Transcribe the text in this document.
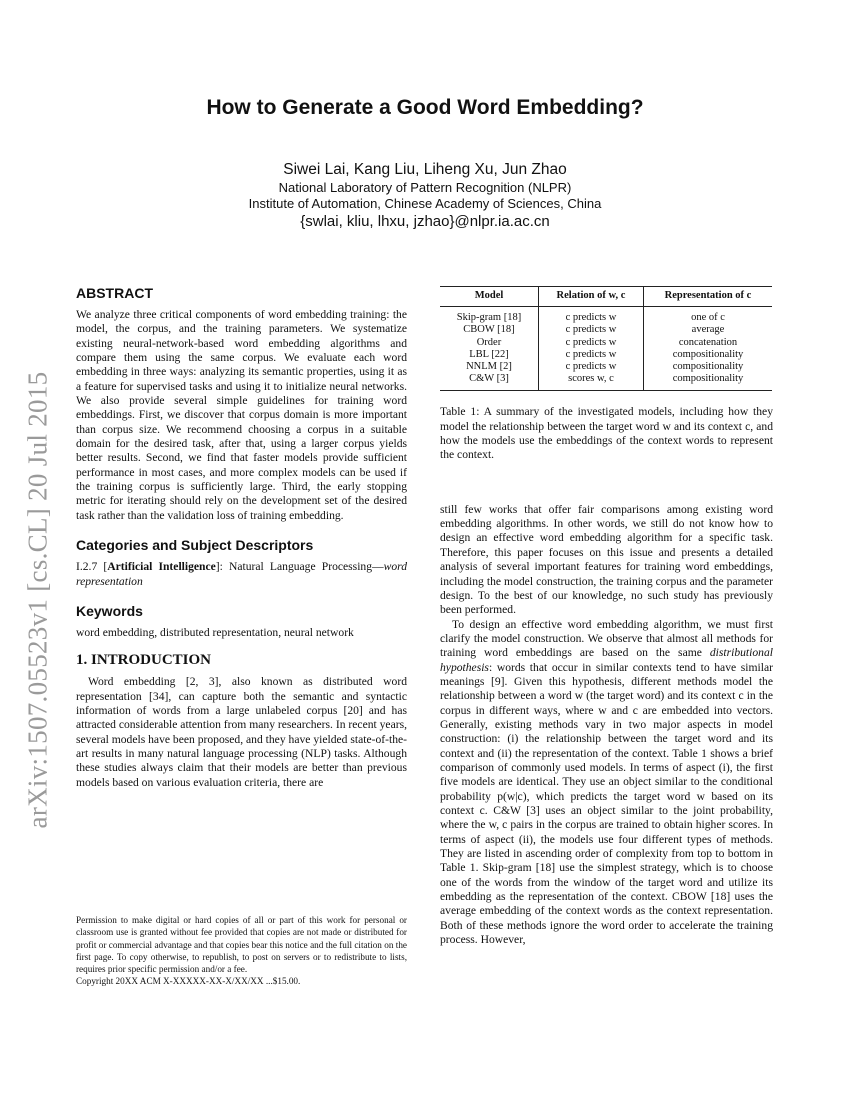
arXiv:1507.05523v1 [cs.CL] 20 Jul 2015
How to Generate a Good Word Embedding?
Siwei Lai, Kang Liu, Liheng Xu, Jun Zhao
National Laboratory of Pattern Recognition (NLPR)
Institute of Automation, Chinese Academy of Sciences, China
{swlai, kliu, lhxu, jzhao}@nlpr.ia.ac.cn
ABSTRACT

We analyze three critical components of word embedding training: the model, the corpus, and the training parameters. We systematize existing neural-network-based word embedding algorithms and compare them using the same corpus. We evaluate each word embedding in three ways: analyzing its semantic properties, using it as a feature for supervised tasks and using it to initialize neural networks. We also provide several simple guidelines for training word embeddings. First, we discover that corpus domain is more important than corpus size. We recommend choosing a corpus in a suitable domain for the desired task, after that, using a larger corpus yields better results. Second, we find that faster models provide sufficient performance in most cases, and more complex models can be used if the training corpus is sufficiently large. Third, the early stopping metric for iterating should rely on the development set of the desired task rather than the validation loss of training embedding.

Categories and Subject Descriptors

I.2.7 [Artificial Intelligence]: Natural Language Processing—word representation

Keywords

word embedding, distributed representation, neural network

1. INTRODUCTION

Word embedding [2, 3], also known as distributed word representation [34], can capture both the semantic and syntactic information of words from a large unlabeled corpus [20] and has attracted considerable attention from many researchers. In recent years, several models have been proposed, and they have yielded state-of-the-art results in many natural language processing (NLP) tasks. Although these studies always claim that their models are better than previous models based on various evaluation criteria, there are

Permission to make digital or hard copies of all or part of this work for personal or classroom use is granted without fee provided that copies are not made or distributed for profit or commercial advantage and that copies bear this notice and the full citation on the first page. To copy otherwise, to republish, to post on servers or to redistribute to lists, requires prior specific permission and/or a fee.
Copyright 20XX ACM X-XXXXX-XX-X/XX/XX ...$15.00.
Model	Relation of w, c	Representation of c
Skip-gram [18]	c predicts w	one of c
CBOW [18]	c predicts w	average
Order	c predicts w	concatenation
LBL [22]	c predicts w	compositionality
NNLM [2]	c predicts w	compositionality
C&W [3]	scores w, c	compositionality

Table 1: A summary of the investigated models, including how they model the relationship between the target word w and its context c, and how the models use the embeddings of the context words to represent the context.

still few works that offer fair comparisons among existing word embedding algorithms. In other words, we still do not know how to design an effective word embedding algorithm for a specific task. Therefore, this paper focuses on this issue and presents a detailed analysis of several important features for training word embeddings, including the model construction, the training corpus and the parameter design. To the best of our knowledge, no such study has previously been performed.

To design an effective word embedding algorithm, we must first clarify the model construction. We observe that almost all methods for training word embeddings are based on the same distributional hypothesis: words that occur in similar contexts tend to have similar meanings [9]. Given this hypothesis, different methods model the relationship between a word w (the target word) and its context c in the corpus in different ways, where w and c are embedded into vectors. Generally, existing methods vary in two major aspects in model construction: (i) the relationship between the target word and its context and (ii) the representation of the context. Table 1 shows a brief comparison of commonly used models. In terms of aspect (i), the first five models are identical. They use an object similar to the conditional probability p(w|c), which predicts the target word w based on its context c. C&W [3] uses an object similar to the joint probability, where the w, c pairs in the corpus are trained to obtain higher scores. In terms of aspect (ii), the models use four different types of methods. They are listed in ascending order of complexity from top to bottom in Table 1. Skip-gram [18] use the simplest strategy, which is to choose one of the words from the window of the target word and utilize its embedding as the representation of the context. CBOW [18] uses the average embedding of the context words as the context representation. Both of these methods ignore the word order to accelerate the training process. However,
